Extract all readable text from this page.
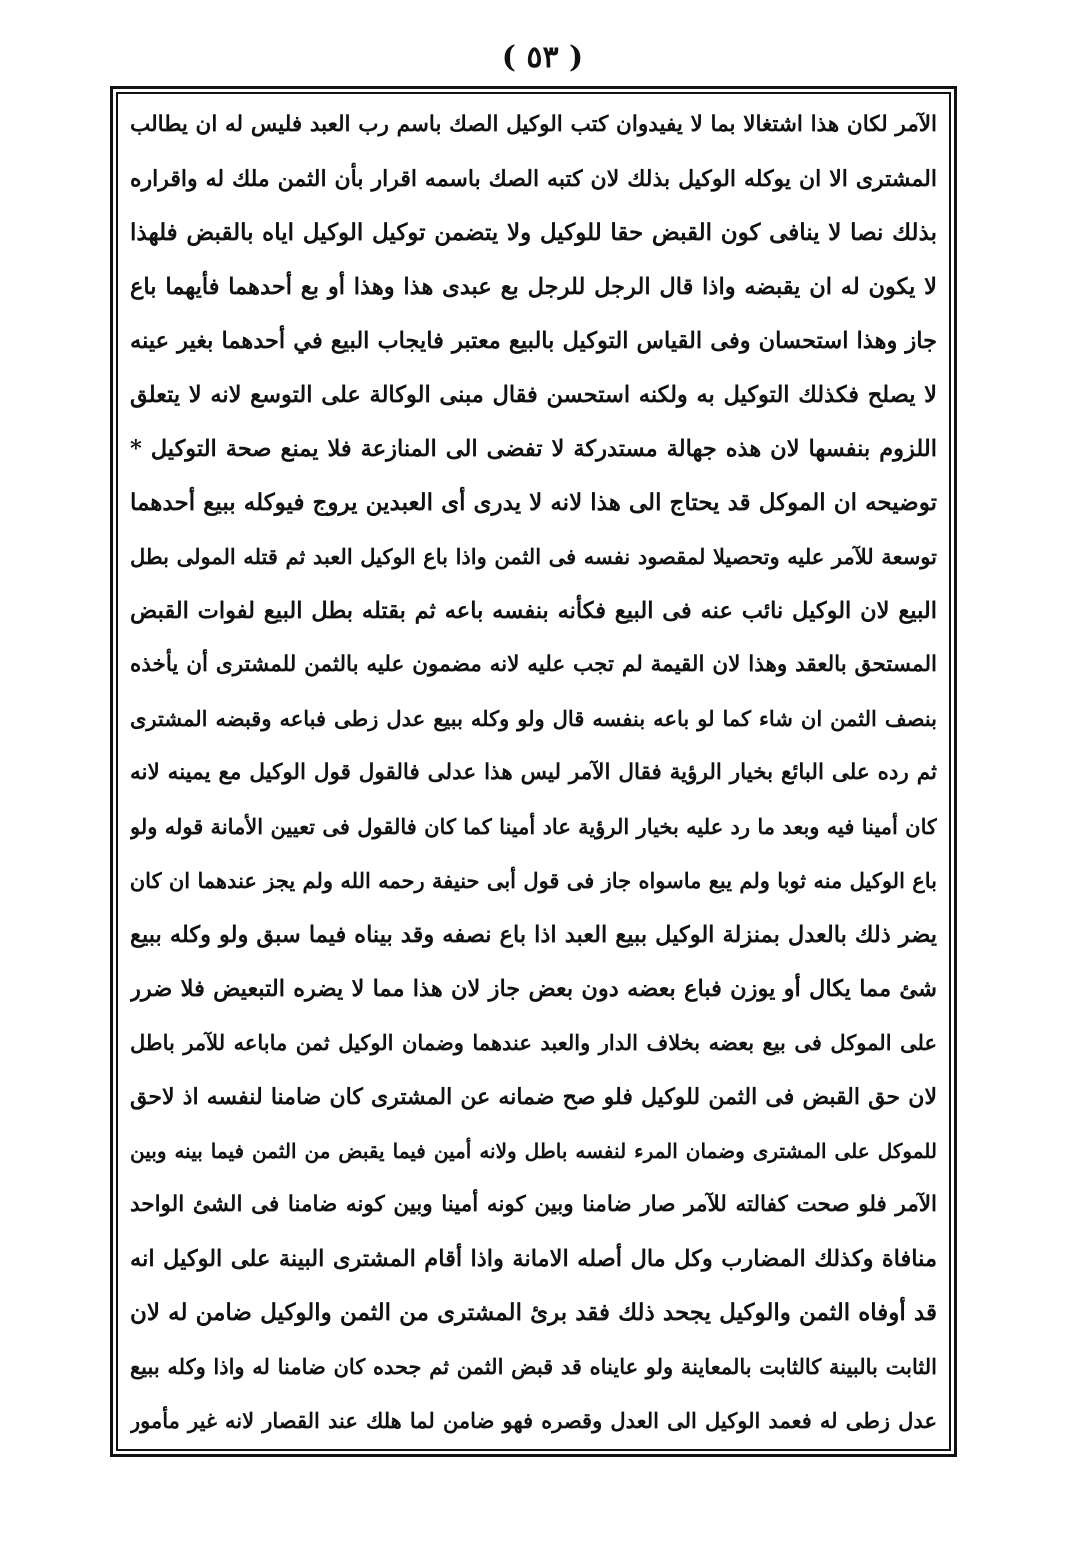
( ٥٣ )
الآمر لكان هذا اشتغالا بما لا يفيدوان كتب الوكيل الصك باسم رب العبد فليس له ان يطالب
المشترى الا ان يوكله الوكيل بذلك لان كتبه الصك باسمه اقرار بأن الثمن ملك له واقراره
بذلك نصا لا ينافى كون القبض حقا للوكيل ولا يتضمن توكيل الوكيل اياه بالقبض فلهذا
لا يكون له ان يقبضه واذا قال الرجل للرجل بع عبدى هذا وهذا أو بع أحدهما فأيهما باع
جاز وهذا استحسان وفى القياس التوكيل بالبيع معتبر فايجاب البيع في أحدهما بغير عينه
لا يصلح فكذلك التوكيل به ولكنه استحسن فقال مبنى الوكالة على التوسع لانه لا يتعلق
اللزوم بنفسها لان هذه جهالة مستدركة لا تفضى الى المنازعة فلا يمنع صحة التوكيل *
توضيحه ان الموكل قد يحتاج الى هذا لانه لا يدرى أى العبدين يروج فيوكله ببيع أحدهما
توسعة للآمر عليه وتحصيلا لمقصود نفسه فى الثمن واذا باع الوكيل العبد ثم قتله المولى بطل
البيع لان الوكيل نائب عنه فى البيع فكأنه بنفسه باعه ثم بقتله بطل البيع لفوات القبض
المستحق بالعقد وهذا لان القيمة لم تجب عليه لانه مضمون عليه بالثمن للمشترى أن يأخذه
بنصف الثمن ان شاء كما لو باعه بنفسه قال ولو وكله ببيع عدل زطى فباعه وقبضه المشترى
ثم رده على البائع بخيار الرؤية فقال الآمر ليس هذا عدلى فالقول قول الوكيل مع يمينه لانه
كان أمينا فيه وبعد ما رد عليه بخيار الرؤية عاد أمينا كما كان فالقول فى تعيين الأمانة قوله ولو
باع الوكيل منه ثوبا ولم يبع ماسواه جاز فى قول أبى حنيفة رحمه الله ولم يجز عندهما ان كان
يضر ذلك بالعدل بمنزلة الوكيل ببيع العبد اذا باع نصفه وقد بيناه فيما سبق ولو وكله ببيع
شئ مما يكال أو يوزن فباع بعضه دون بعض جاز لان هذا مما لا يضره التبعيض فلا ضرر
على الموكل فى بيع بعضه بخلاف الدار والعبد عندهما وضمان الوكيل ثمن ماباعه للآمر باطل
لان حق القبض فى الثمن للوكيل فلو صح ضمانه عن المشترى كان ضامنا لنفسه اذ لاحق
للموكل على المشترى وضمان المرء لنفسه باطل ولانه أمين فيما يقبض من الثمن فيما بينه وبين
الآمر فلو صحت كفالته للآمر صار ضامنا وبين كونه أمينا وبين كونه ضامنا فى الشئ الواحد
منافاة وكذلك المضارب وكل مال أصله الامانة واذا أقام المشترى البينة على الوكيل انه
قد أوفاه الثمن والوكيل يجحد ذلك فقد برئ المشترى من الثمن والوكيل ضامن له لان
الثابت بالبينة كالثابت بالمعاينة ولو عايناه قد قبض الثمن ثم جحده كان ضامنا له واذا وكله ببيع
عدل زطى له فعمد الوكيل الى العدل وقصره فهو ضامن لما هلك عند القصار لانه غير مأمور
